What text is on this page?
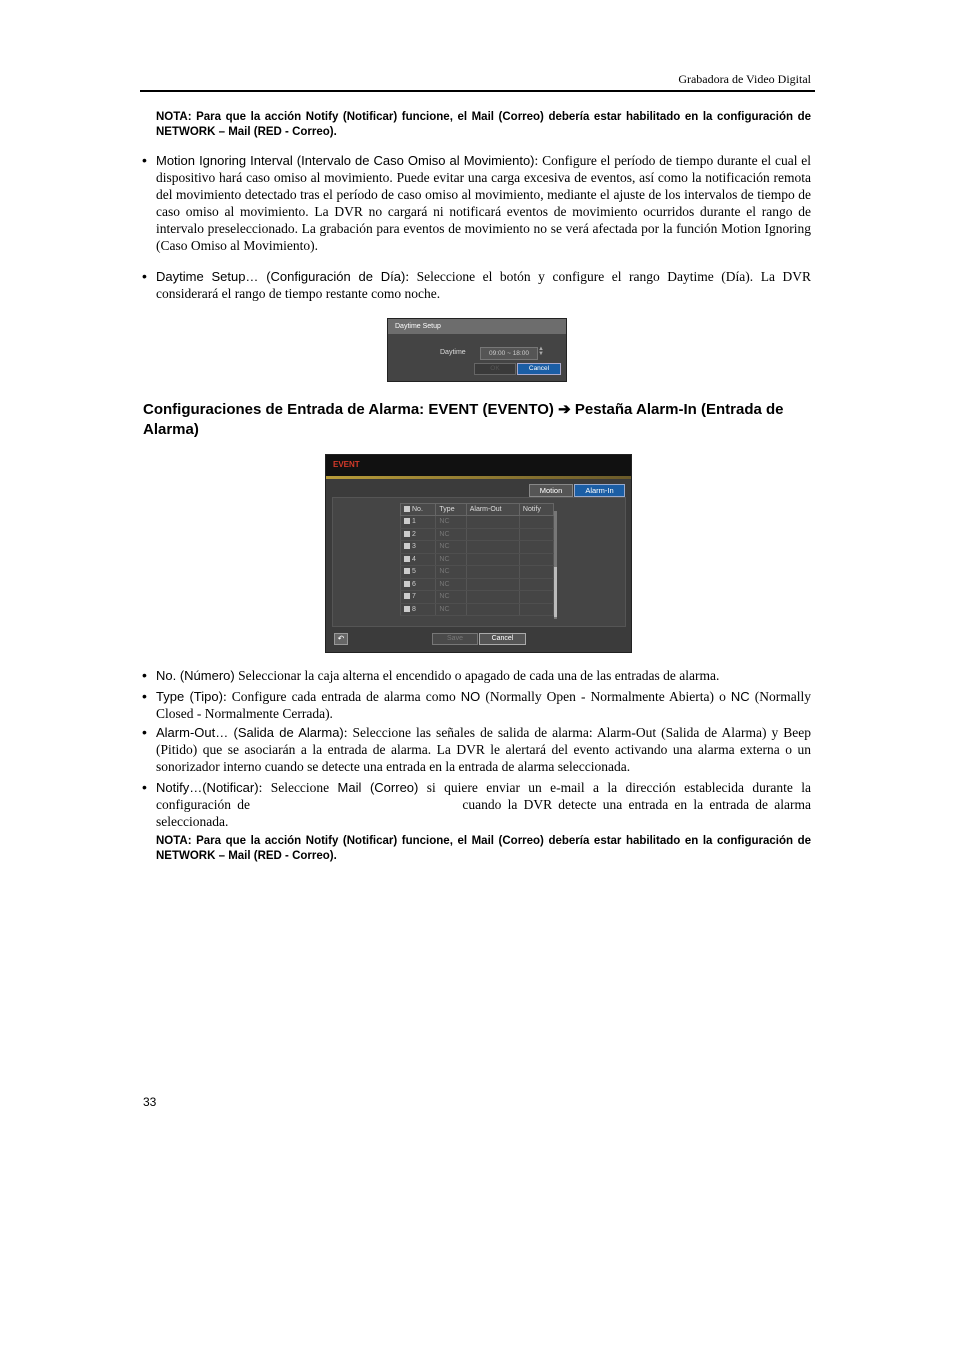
Grabadora de Video Digital
NOTA: Para que la acción Notify (Notificar) funcione, el Mail (Correo) debería estar habilitado en la configuración de NETWORK – Mail (RED - Correo).
• Motion Ignoring Interval (Intervalo de Caso Omiso al Movimiento): Configure el período de tiempo durante el cual el dispositivo hará caso omiso al movimiento. Puede evitar una carga excesiva de eventos, así como la notificación remota del movimiento detectado tras el período de caso omiso al movimiento, mediante el ajuste de los intervalos de tiempo de caso omiso al movimiento. La DVR no cargará ni notificará eventos de movimiento ocurridos durante el rango de intervalo preseleccionado. La grabación para eventos de movimiento no se verá afectada por la función Motion Ignoring (Caso Omiso al Movimiento).
• Daytime Setup… (Configuración de Día): Seleccione el botón y configure el rango Daytime (Día). La DVR considerará el rango de tiempo restante como noche.
Daytime Setup
Daytime	09:00 ~ 18:00
▲
▼
OK	Cancel
Configuraciones de Entrada de Alarma: EVENT (EVENTO) ➔ Pestaña Alarm-In (Entrada de Alarma)
EVENT
Motion	Alarm-In
No.	Type	Alarm-Out	Notify
1	NC		
2	NC		
3	NC		
4	NC		
5	NC		
6	NC		
7	NC		
8	NC		
↶	Save	Cancel
• No. (Número) Seleccionar la caja alterna el encendido o apagado de cada una de las entradas de alarma.
• Type (Tipo): Configure cada entrada de alarma como NO (Normally Open - Normalmente Abierta) o NC (Normally Closed - Normalmente Cerrada).
• Alarm-Out… (Salida de Alarma): Seleccione las señales de salida de alarma: Alarm-Out (Salida de Alarma) y Beep (Pitido) que se asociarán a la entrada de alarma. La DVR le alertará del evento activando una alarma externa o un sonorizador interno cuando se detecte una entrada en la entrada de alarma seleccionada.
• Notify…(Notificar): Seleccione Mail (Correo) si quiere enviar un e-mail a la dirección establecida durante la configuración de	cuando la DVR detecte una entrada en la entrada de alarma seleccionada.
NOTA: Para que la acción Notify (Notificar) funcione, el Mail (Correo) debería estar habilitado en la configuración de NETWORK – Mail (RED - Correo).
33
